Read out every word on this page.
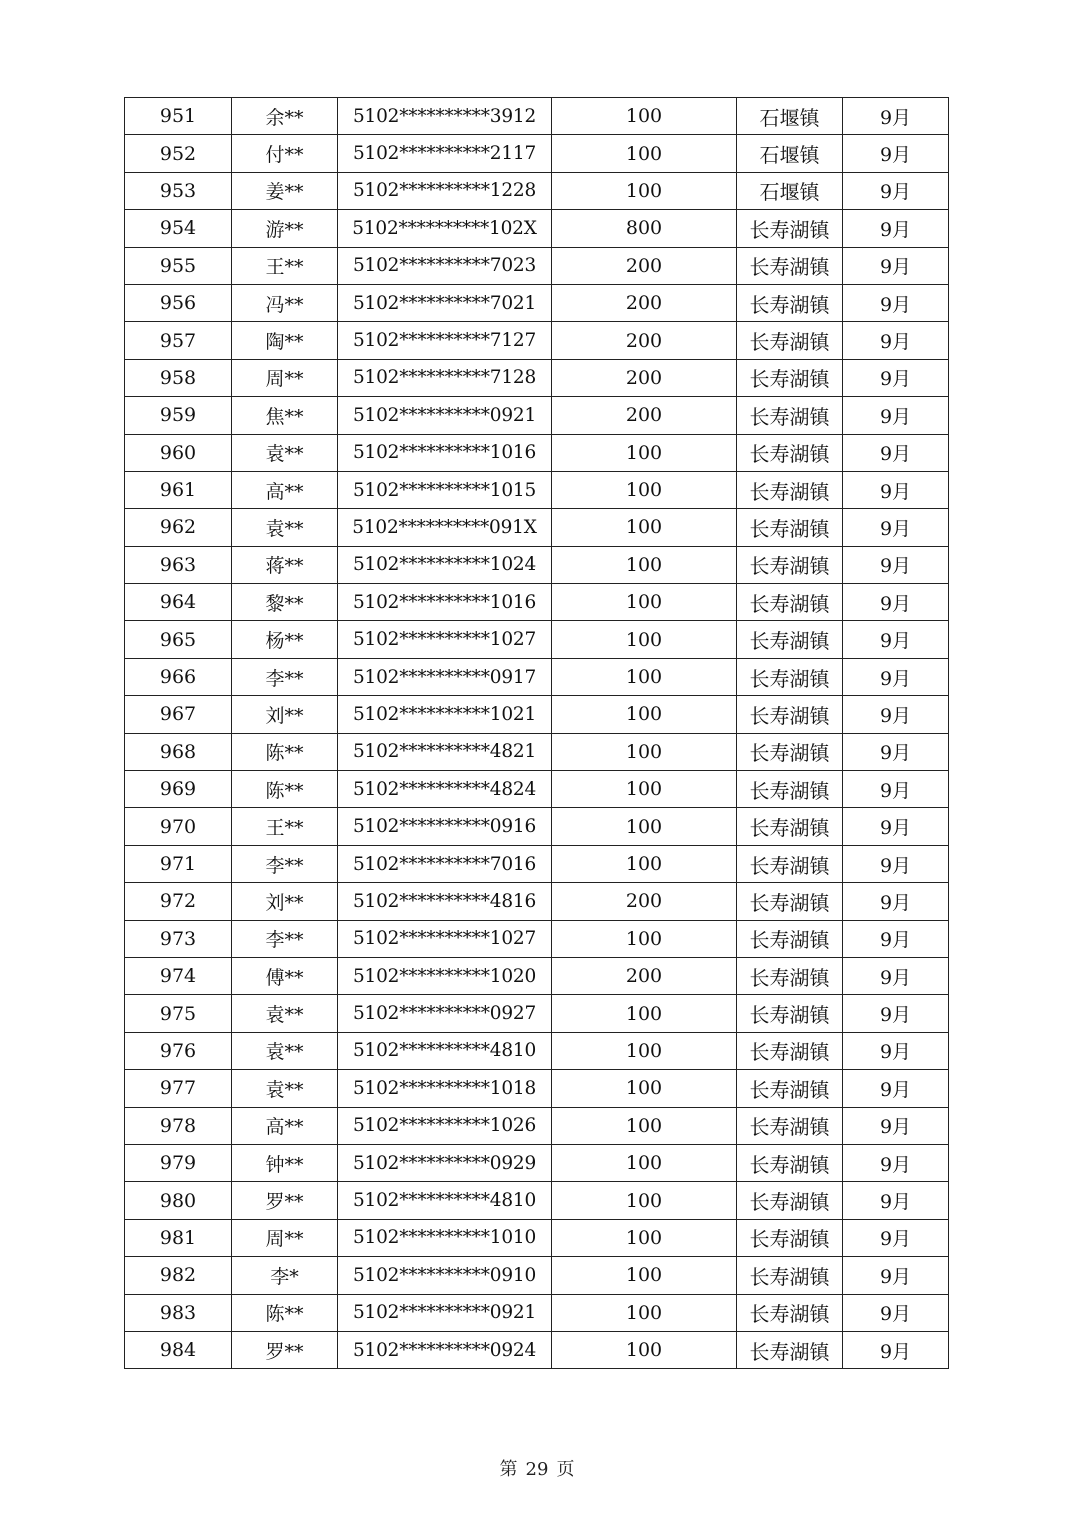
951	余**	5102**********3912	100	石堰镇	9月
952	付**	5102**********2117	100	石堰镇	9月
953	姜**	5102**********1228	100	石堰镇	9月
954	游**	5102**********102X	800	长寿湖镇	9月
955	王**	5102**********7023	200	长寿湖镇	9月
956	冯**	5102**********7021	200	长寿湖镇	9月
957	陶**	5102**********7127	200	长寿湖镇	9月
958	周**	5102**********7128	200	长寿湖镇	9月
959	焦**	5102**********0921	200	长寿湖镇	9月
960	袁**	5102**********1016	100	长寿湖镇	9月
961	高**	5102**********1015	100	长寿湖镇	9月
962	袁**	5102**********091X	100	长寿湖镇	9月
963	蒋**	5102**********1024	100	长寿湖镇	9月
964	黎**	5102**********1016	100	长寿湖镇	9月
965	杨**	5102**********1027	100	长寿湖镇	9月
966	李**	5102**********0917	100	长寿湖镇	9月
967	刘**	5102**********1021	100	长寿湖镇	9月
968	陈**	5102**********4821	100	长寿湖镇	9月
969	陈**	5102**********4824	100	长寿湖镇	9月
970	王**	5102**********0916	100	长寿湖镇	9月
971	李**	5102**********7016	100	长寿湖镇	9月
972	刘**	5102**********4816	200	长寿湖镇	9月
973	李**	5102**********1027	100	长寿湖镇	9月
974	傅**	5102**********1020	200	长寿湖镇	9月
975	袁**	5102**********0927	100	长寿湖镇	9月
976	袁**	5102**********4810	100	长寿湖镇	9月
977	袁**	5102**********1018	100	长寿湖镇	9月
978	高**	5102**********1026	100	长寿湖镇	9月
979	钟**	5102**********0929	100	长寿湖镇	9月
980	罗**	5102**********4810	100	长寿湖镇	9月
981	周**	5102**********1010	100	长寿湖镇	9月
982	李*	5102**********0910	100	长寿湖镇	9月
983	陈**	5102**********0921	100	长寿湖镇	9月
984	罗**	5102**********0924	100	长寿湖镇	9月
第 29 页
